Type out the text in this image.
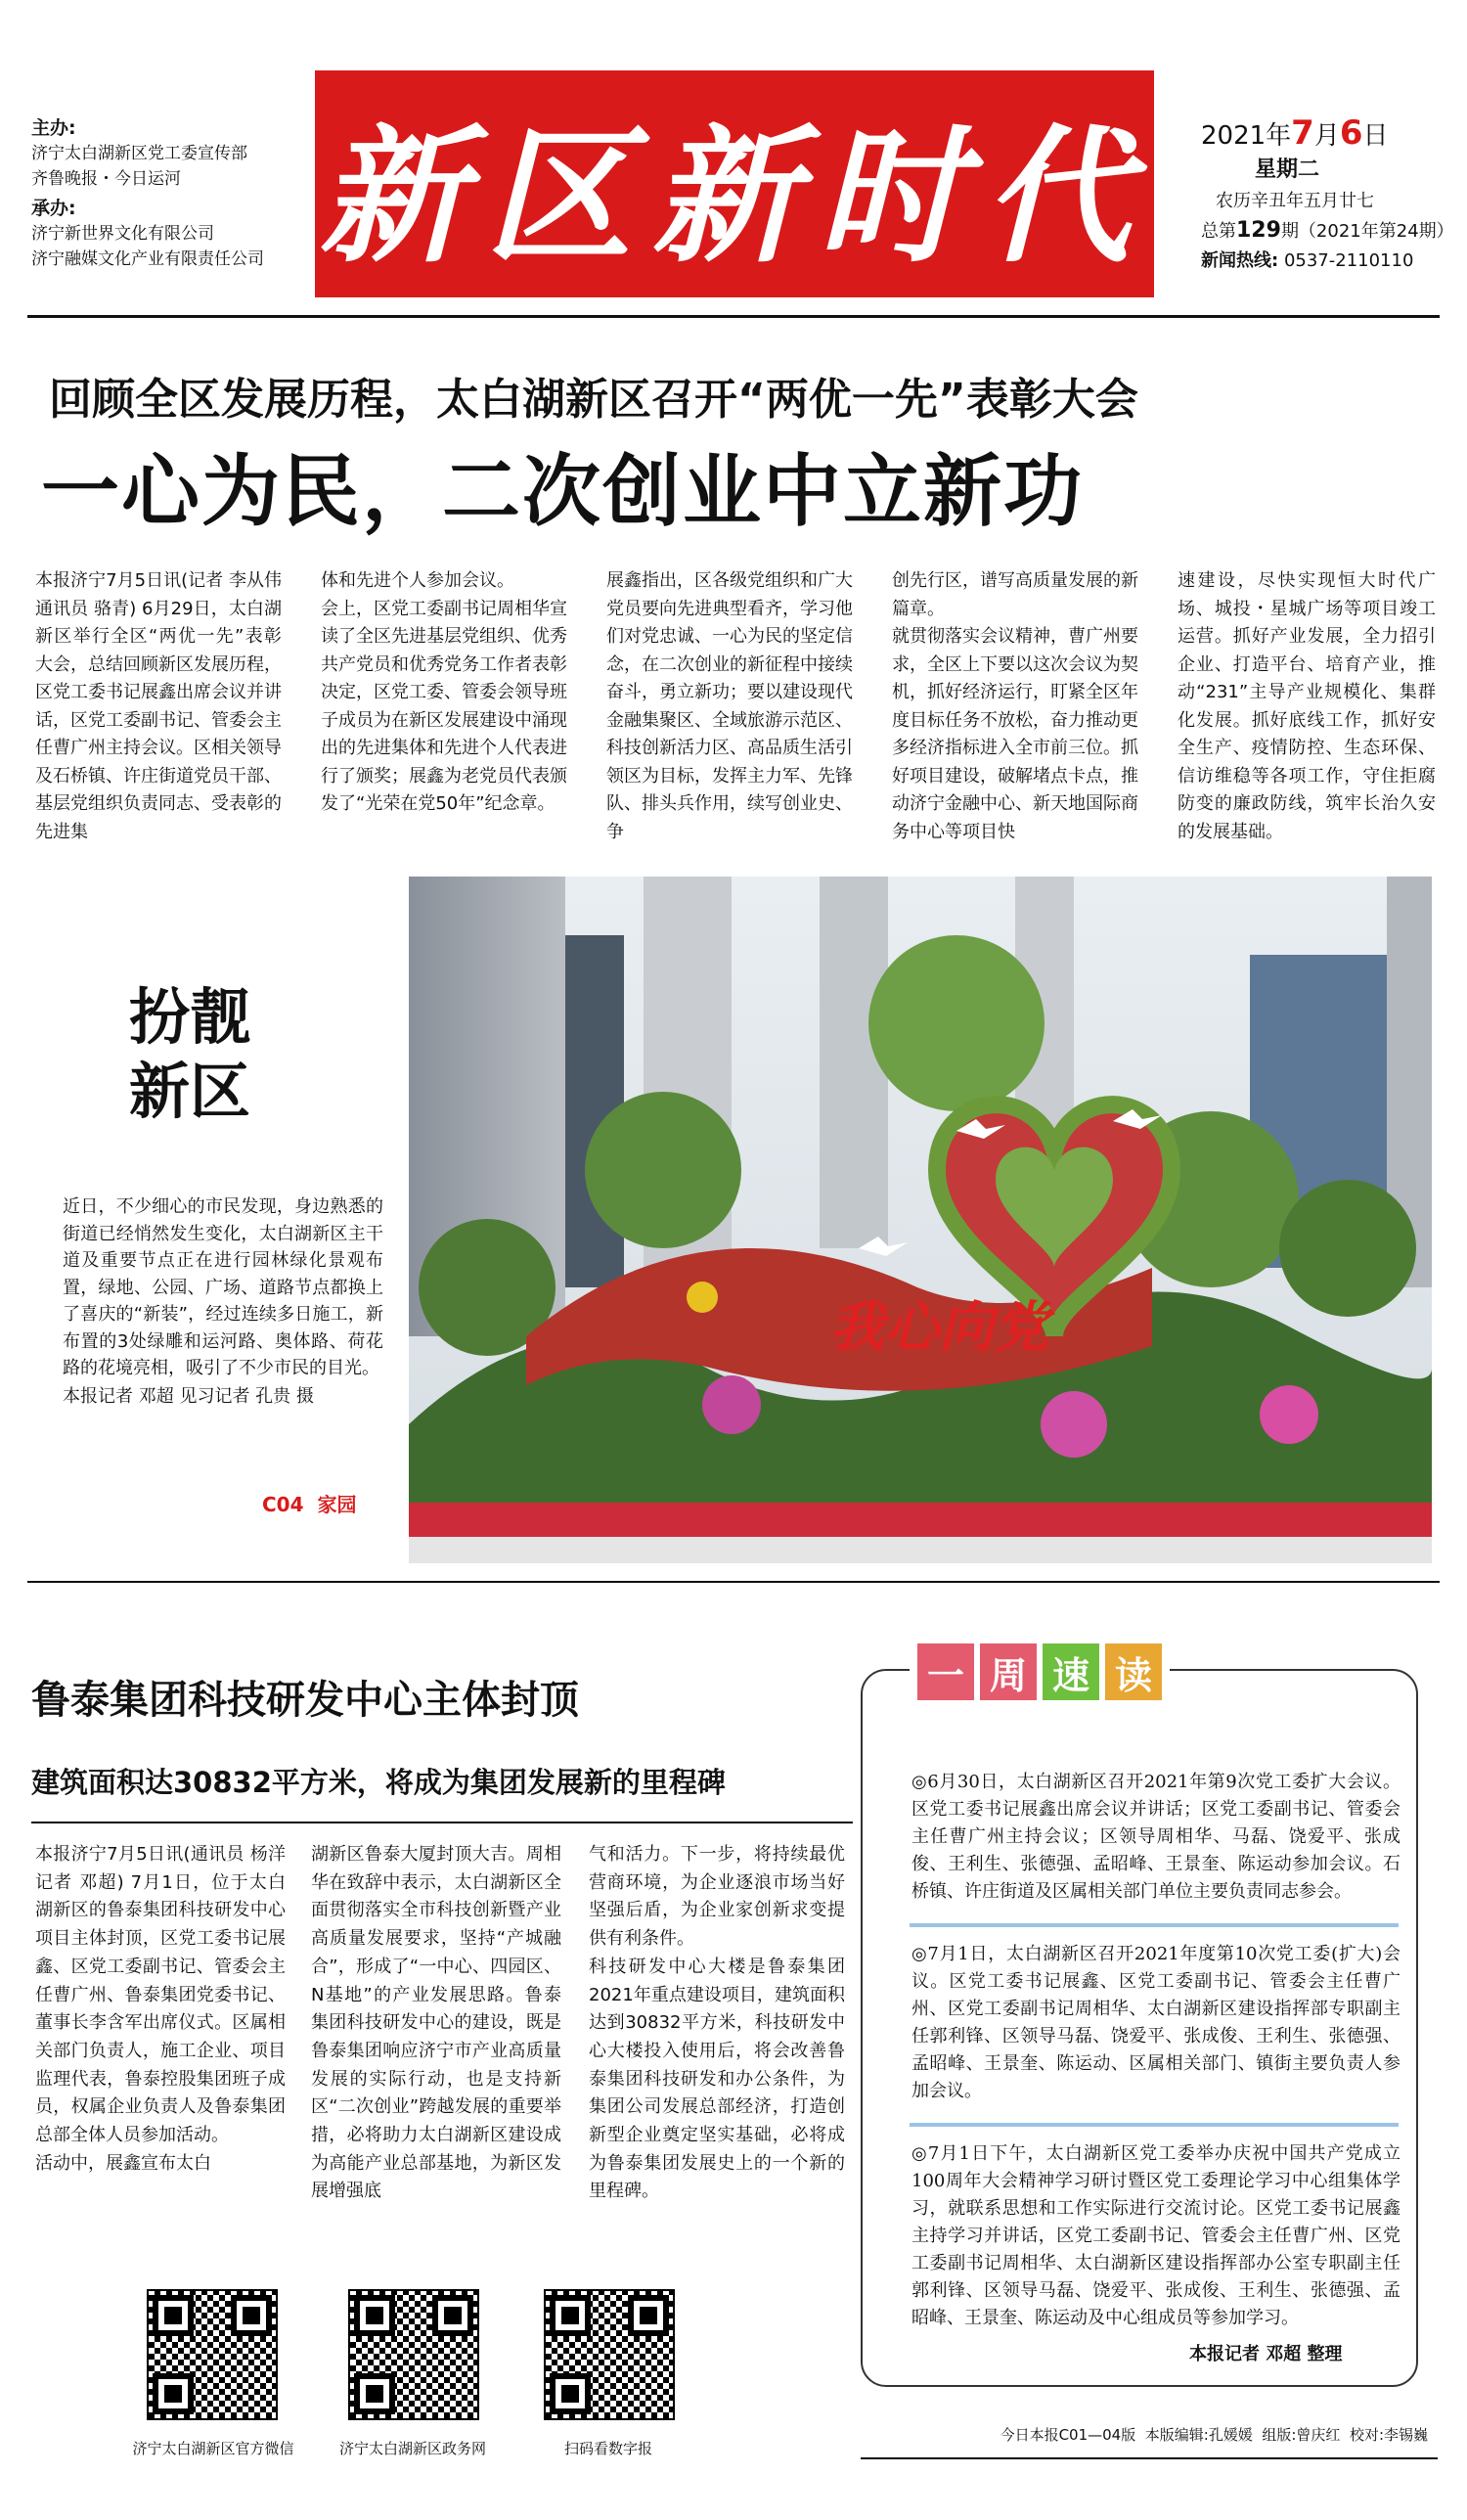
主办:
济宁太白湖新区党工委宣传部
齐鲁晚报・今日运河
承办:
济宁新世界文化有限公司
济宁融媒文化产业有限责任公司 新区新时代 2021年7月6日
星期二
农历辛丑年五月廿七
总第129期（2021年第24期）
新闻热线: 0537-2110110
回顾全区发展历程，太白湖新区召开“两优一先”表彰大会
一心为民，二次创业中立新功
本报济宁7月5日讯(记者 李从伟 通讯员 骆青) 6月29日，太白湖新区举行全区“两优一先”表彰大会，总结回顾新区发展历程，区党工委书记展鑫出席会议并讲话，区党工委副书记、管委会主任曹广州主持会议。区相关领导及石桥镇、许庄街道党员干部、基层党组织负责同志、受表彰的先进集
体和先进个人参加会议。
会上，区党工委副书记周相华宣读了全区先进基层党组织、优秀共产党员和优秀党务工作者表彰决定，区党工委、管委会领导班子成员为在新区发展建设中涌现出的先进集体和先进个人代表进行了颁奖；展鑫为老党员代表颁发了“光荣在党50年”纪念章。
展鑫指出，区各级党组织和广大党员要向先进典型看齐，学习他们对党忠诚、一心为民的坚定信念，在二次创业的新征程中接续奋斗，勇立新功；要以建设现代金融集聚区、全域旅游示范区、科技创新活力区、高品质生活引领区为目标，发挥主力军、先锋队、排头兵作用，续写创业史、争
创先行区，谱写高质量发展的新篇章。
就贯彻落实会议精神，曹广州要求，全区上下要以这次会议为契机，抓好经济运行，盯紧全区年度目标任务不放松，奋力推动更多经济指标进入全市前三位。抓好项目建设，破解堵点卡点，推动济宁金融中心、新天地国际商务中心等项目快
速建设，尽快实现恒大时代广场、城投・星城广场等项目竣工运营。抓好产业发展，全力招引企业、打造平台、培育产业，推动“231”主导产业规模化、集群化发展。抓好底线工作，抓好安全生产、疫情防控、生态环保、信访维稳等各项工作，守住拒腐防变的廉政防线，筑牢长治久安的发展基础。
扮靓
新区
近日，不少细心的市民发现，身边熟悉的街道已经悄然发生变化，太白湖新区主干道及重要节点正在进行园林绿化景观布置，绿地、公园、广场、道路节点都换上了喜庆的“新装”，经过连续多日施工，新布置的3处绿雕和运河路、奥体路、荷花路的花境亮相，吸引了不少市民的目光。
本报记者 邓超 见习记者 孔贵 摄
C04 家园
我心向党
鲁泰集团科技研发中心主体封顶
建筑面积达30832平方米，将成为集团发展新的里程碑
本报济宁7月5日讯(通讯员 杨洋 记者 邓超) 7月1日，位于太白湖新区的鲁泰集团科技研发中心项目主体封顶，区党工委书记展鑫、区党工委副书记、管委会主任曹广州、鲁泰集团党委书记、董事长李含军出席仪式。区属相关部门负责人，施工企业、项目监理代表，鲁泰控股集团班子成员，权属企业负责人及鲁泰集团总部全体人员参加活动。
活动中，展鑫宣布太白
湖新区鲁泰大厦封顶大吉。周相华在致辞中表示，太白湖新区全面贯彻落实全市科技创新暨产业高质量发展要求，坚持“产城融合”，形成了“一中心、四园区、N基地”的产业发展思路。鲁泰集团科技研发中心的建设，既是鲁泰集团响应济宁市产业高质量发展的实际行动，也是支持新区“二次创业”跨越发展的重要举措，必将助力太白湖新区建设成为高能产业总部基地，为新区发展增强底
气和活力。下一步，将持续最优营商环境，为企业逐浪市场当好坚强后盾，为企业家创新求变提供有利条件。
科技研发中心大楼是鲁泰集团2021年重点建设项目，建筑面积达到30832平方米，科技研发中心大楼投入使用后，将会改善鲁泰集团科技研发和办公条件，为集团公司发展总部经济，打造创新型企业奠定坚实基础，必将成为鲁泰集团发展史上的一个新的里程碑。
一 周 速 读
◎6月30日，太白湖新区召开2021年第9次党工委扩大会议。区党工委书记展鑫出席会议并讲话；区党工委副书记、管委会主任曹广州主持会议；区领导周相华、马磊、饶爱平、张成俊、王利生、张德强、孟昭峰、王景奎、陈运动参加会议。石桥镇、许庄街道及区属相关部门单位主要负责同志参会。
◎7月1日，太白湖新区召开2021年度第10次党工委(扩大)会议。区党工委书记展鑫、区党工委副书记、管委会主任曹广州、区党工委副书记周相华、太白湖新区建设指挥部专职副主任郭利锋、区领导马磊、饶爱平、张成俊、王利生、张德强、孟昭峰、王景奎、陈运动、区属相关部门、镇街主要负责人参加会议。
◎7月1日下午，太白湖新区党工委举办庆祝中国共产党成立100周年大会精神学习研讨暨区党工委理论学习中心组集体学习，就联系思想和工作实际进行交流讨论。区党工委书记展鑫主持学习并讲话，区党工委副书记、管委会主任曹广州、区党工委副书记周相华、太白湖新区建设指挥部办公室专职副主任郭利锋、区领导马磊、饶爱平、张成俊、王利生、张德强、孟昭峰、王景奎、陈运动及中心组成员等参加学习。
本报记者 邓超 整理
济宁太白湖新区官方微信	济宁太白湖新区政务网	扫码看数字报
今日本报C01—04版  本版编辑:孔媛媛  组版:曾庆红  校对:李锡巍
